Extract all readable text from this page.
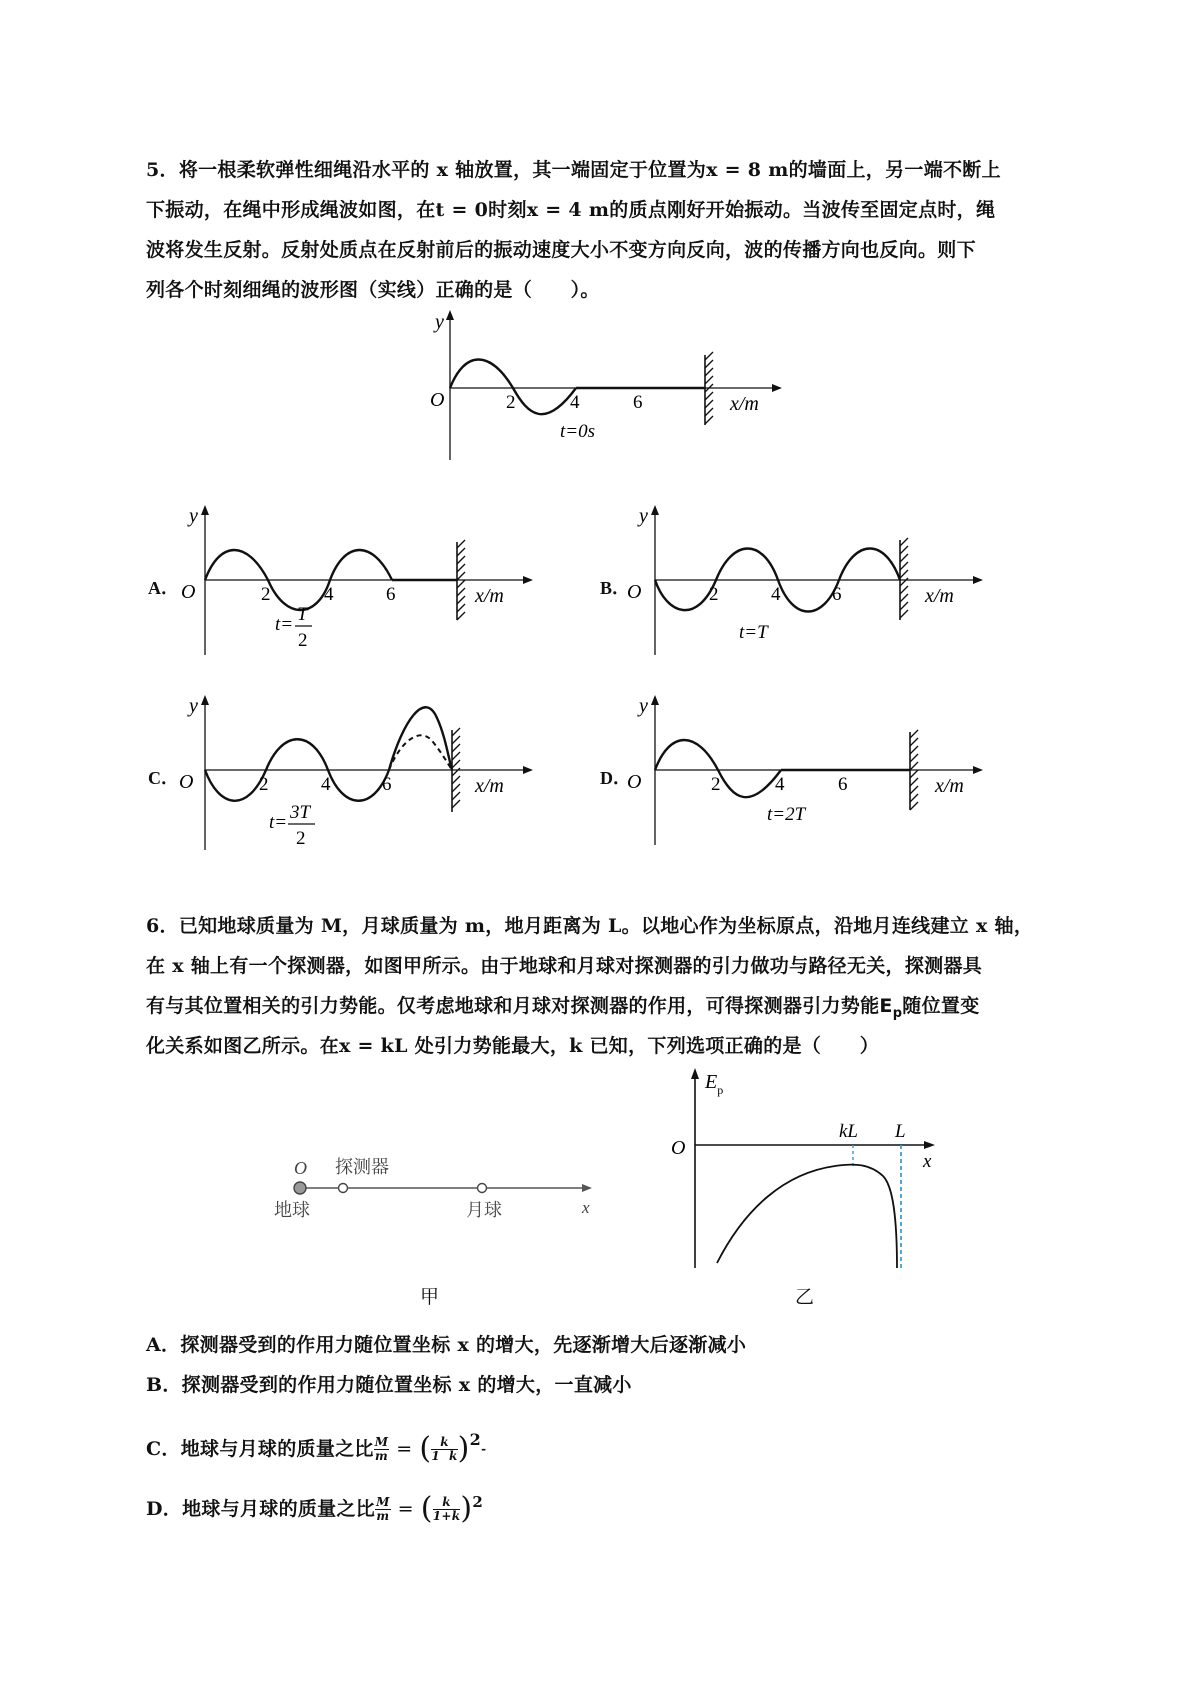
5．将一根柔软弹性细绳沿水平的 x 轴放置，其一端固定于位置为x = 8 m的墙面上，另一端不断上
下振动，在绳中形成绳波如图，在t = 0时刻x = 4 m的质点刚好开始振动。当波传至固定点时，绳
波将发生反射。反射处质点在反射前后的振动速度大小不变方向反向，波的传播方向也反向。则下
列各个时刻细绳的波形图（实线）正确的是（　　）。
y
O	2	4	6	x/m
t=0s
A．
y
O	2	4	6	x/m
t= T
2
B．
y
O	2	4	6	x/m
t=T
C．
y
O	2	4	6	x/m
t= 3T
2
D．
y
O	2	4	6	x/m
t=2T
6．已知地球质量为 M，月球质量为 m，地月距离为 L。以地心作为坐标原点，沿地月连线建立 x 轴，
在 x 轴上有一个探测器，如图甲所示。由于地球和月球对探测器的引力做功与路径无关，探测器具
有与其位置相关的引力势能。仅考虑地球和月球对探测器的作用，可得探测器引力势能$E_p$随位置变
化关系如图乙所示。在x = kL 处引力势能最大，k 已知，下列选项正确的是（　　）
O 探测器
地球	月球	x
甲
$E_p$
O
kL L
x
乙
A．探测器受到的作用力随位置坐标 x 的增大，先逐渐增大后逐渐减小
B．探测器受到的作用力随位置坐标 x 的增大，一直减小
C．地球与月球的质量之比 $\frac{M}{m}$ = ( $\frac{k}{1 k} )^2-$
D．地球与月球的质量之比 $\frac{M}{m}$ = ( $\frac{k}{1+k} )^2$
